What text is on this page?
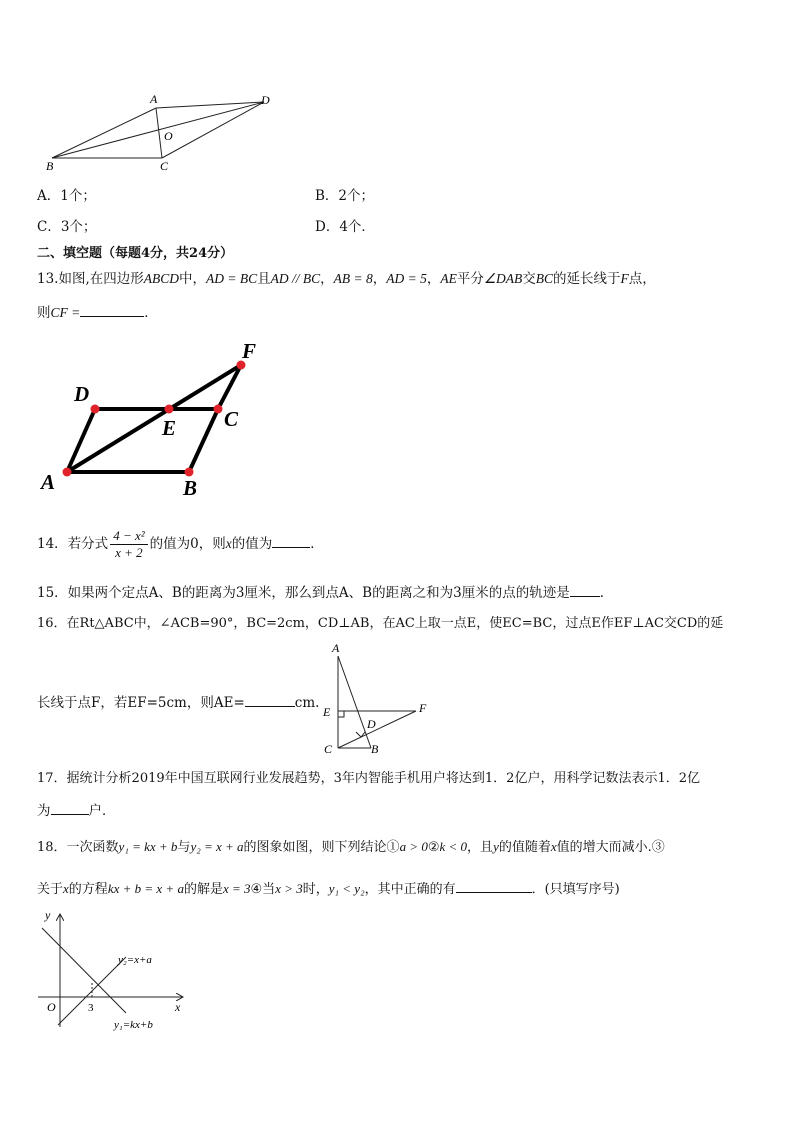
A	D
O
B	C
A．1个；	B．2个；
C．3个；	D．4个．
二、填空题（每题4分，共24分）
13.如图,在四边形ABCD中，AD = BC且AD // BC，AB = 8，AD = 5，AE平分∠DAB交BC的延长线于F点，
则CF =	．
F
D
E C
A	B
14．若分式 $\frac{\text{4 − x²}}{x + 2}$ 的值为0，则x的值为	．
15．如果两个定点A、B的距离为3厘米，那么到点A、B的距离之和为3厘米的点的轨迹是 ．
16．在Rt△ABC中，∠ACB=90°，BC=2cm，CD⊥AB，在AC上取一点E，使EC=BC，过点E作EF⊥AC交CD的延
长线于点F，若EF=5cm，则AE=	cm.
A
E
D
F
C	B
17．据统计分析2019年中国互联网行业发展趋势，3年内智能手机用户将达到1．2亿户，用科学记数法表示1．2亿
为	户．
18．一次函数y₁ = kx + b与y₂ = x + a的图象如图，则下列结论①a > 0②k < 0，且y的值随着x值的增大而减小.③
关于x的方程kx + b = x + a的解是x = 3④当x > 3时，y₁ < y₂，其中正确的有	．(只填写序号)
y
x
O	3
y₂=x+a
y₁=kx+b
